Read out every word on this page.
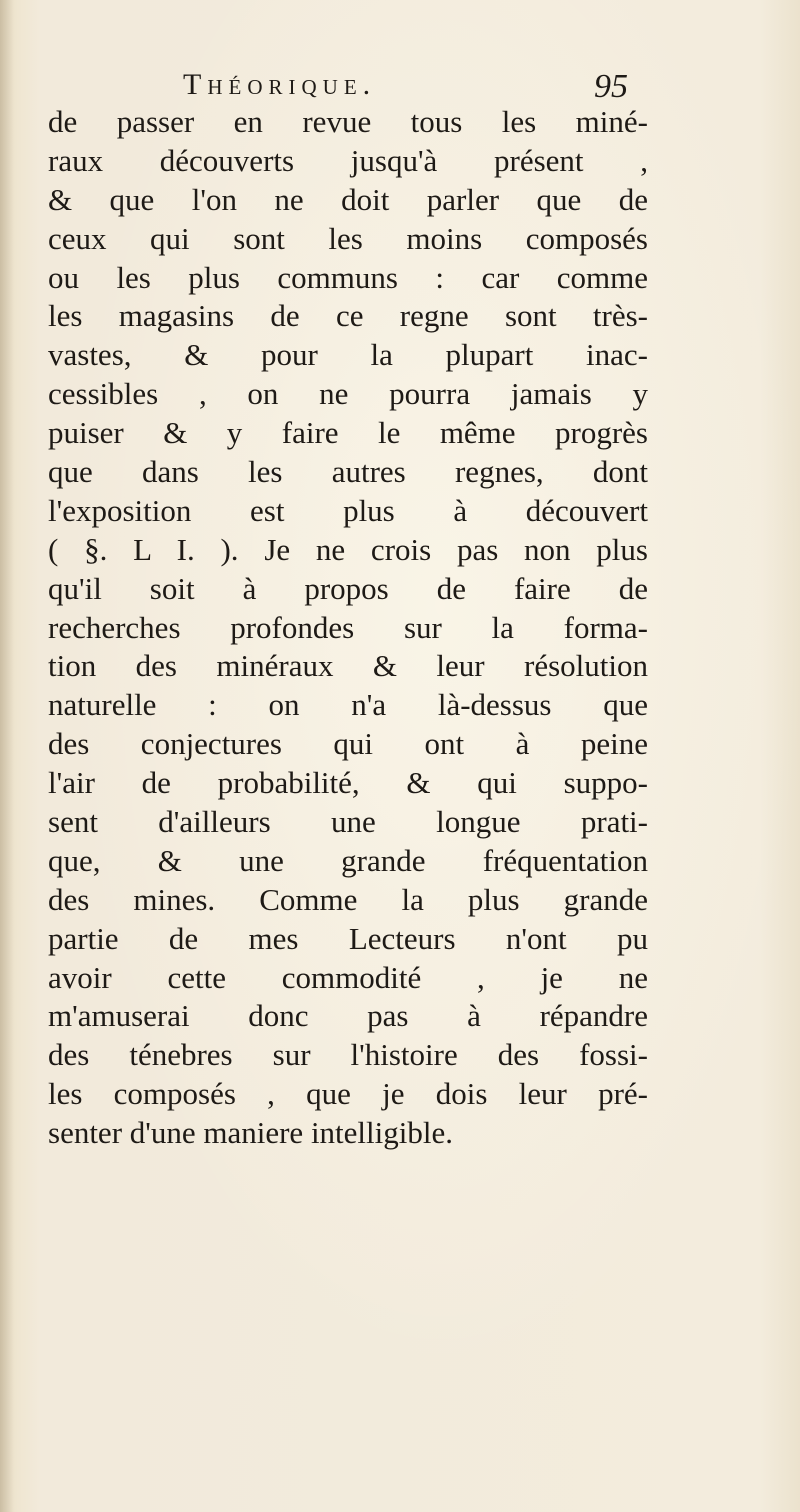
Théorique.	95
de passer en revue tous les miné-
raux découverts jusqu'à présent ,
& que l'on ne doit parler que de
ceux qui sont les moins composés
ou les plus communs : car comme
les magasins de ce regne sont très-
vastes, & pour la plupart inac-
cessibles , on ne pourra jamais y
puiser & y faire le même progrès
que dans les autres regnes, dont
l'exposition est plus à découvert
( §. L I. ). Je ne crois pas non plus
qu'il soit à propos de faire de
recherches profondes sur la forma-
tion des minéraux & leur résolution
naturelle : on n'a là-dessus que
des conjectures qui ont à peine
l'air de probabilité, & qui suppo-
sent d'ailleurs une longue prati-
que, & une grande fréquentation
des mines. Comme la plus grande
partie de mes Lecteurs n'ont pu
avoir cette commodité , je ne
m'amuserai donc pas à répandre
des ténebres sur l'histoire des fossi-
les composés , que je dois leur pré-
senter d'une maniere intelligible.
